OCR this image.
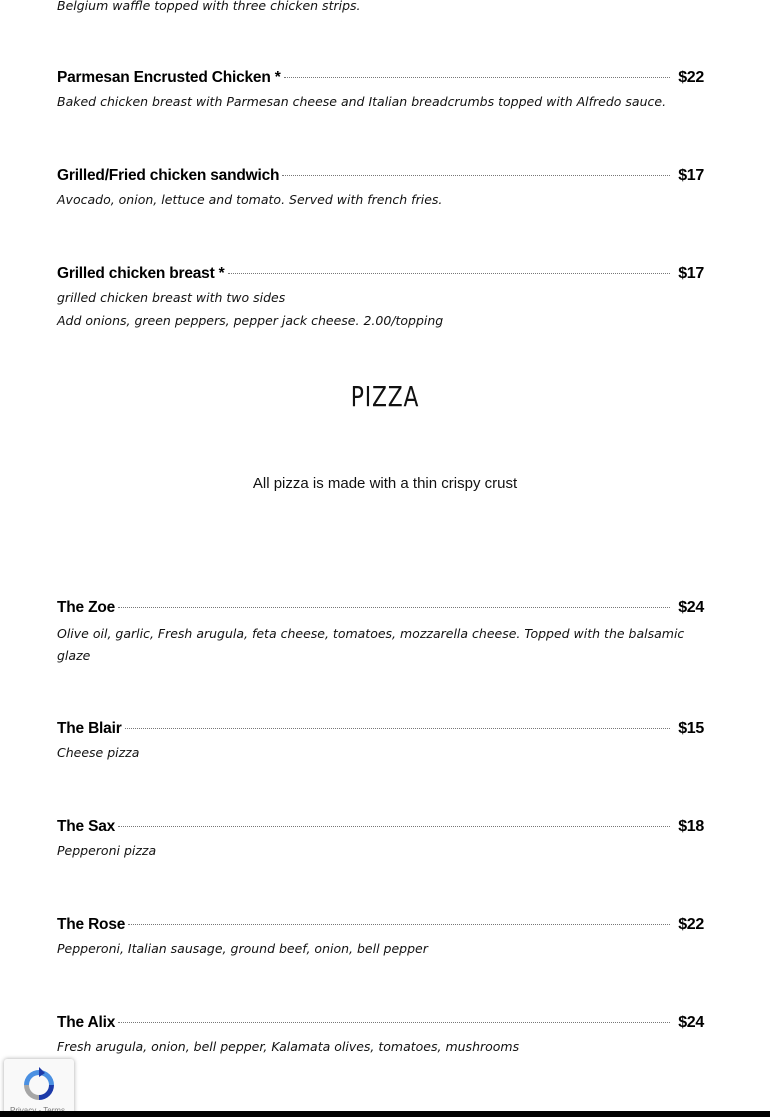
Belgium waffle topped with three chicken strips.

Parmesan Encrusted Chicken *	$22

Baked chicken breast with Parmesan cheese and Italian breadcrumbs topped with Alfredo sauce.

Grilled/Fried chicken sandwich	$17

Avocado, onion, lettuce and tomato. Served with french fries.

Grilled chicken breast *	$17

grilled chicken breast with two sides

Add onions, green peppers, pepper jack cheese. 2.00/topping

PIZZA
All pizza is made with a thin crispy crust
The Zoe	$24

Olive oil, garlic, Fresh arugula, feta cheese, tomatoes, mozzarella cheese. Topped with the balsamic glaze

The Blair	$15

Cheese pizza

The Sax	$18

Pepperoni pizza

The Rose	$22

Pepperoni, Italian sausage, ground beef, onion, bell pepper

The Alix	$24

Fresh arugula, onion, bell pepper, Kalamata olives, tomatoes, mushrooms
